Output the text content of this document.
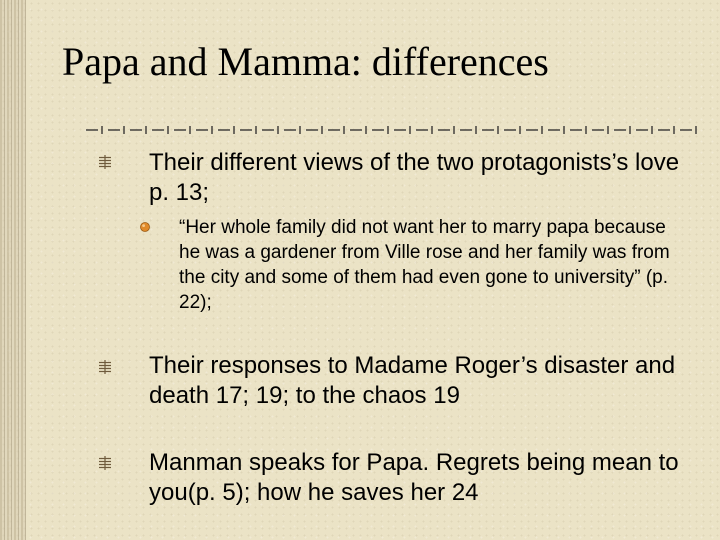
Papa and Mamma: differences
Their different views of the two protagonists’s love p. 13;
“Her whole family did not want her to marry papa because he was a gardener from Ville rose and her family was from the city and some of them had even gone to university” (p. 22);
Their responses to Madame Roger’s disaster and death 17; 19; to the chaos 19
Manman speaks for Papa. Regrets being mean to you(p. 5); how he saves her 24
